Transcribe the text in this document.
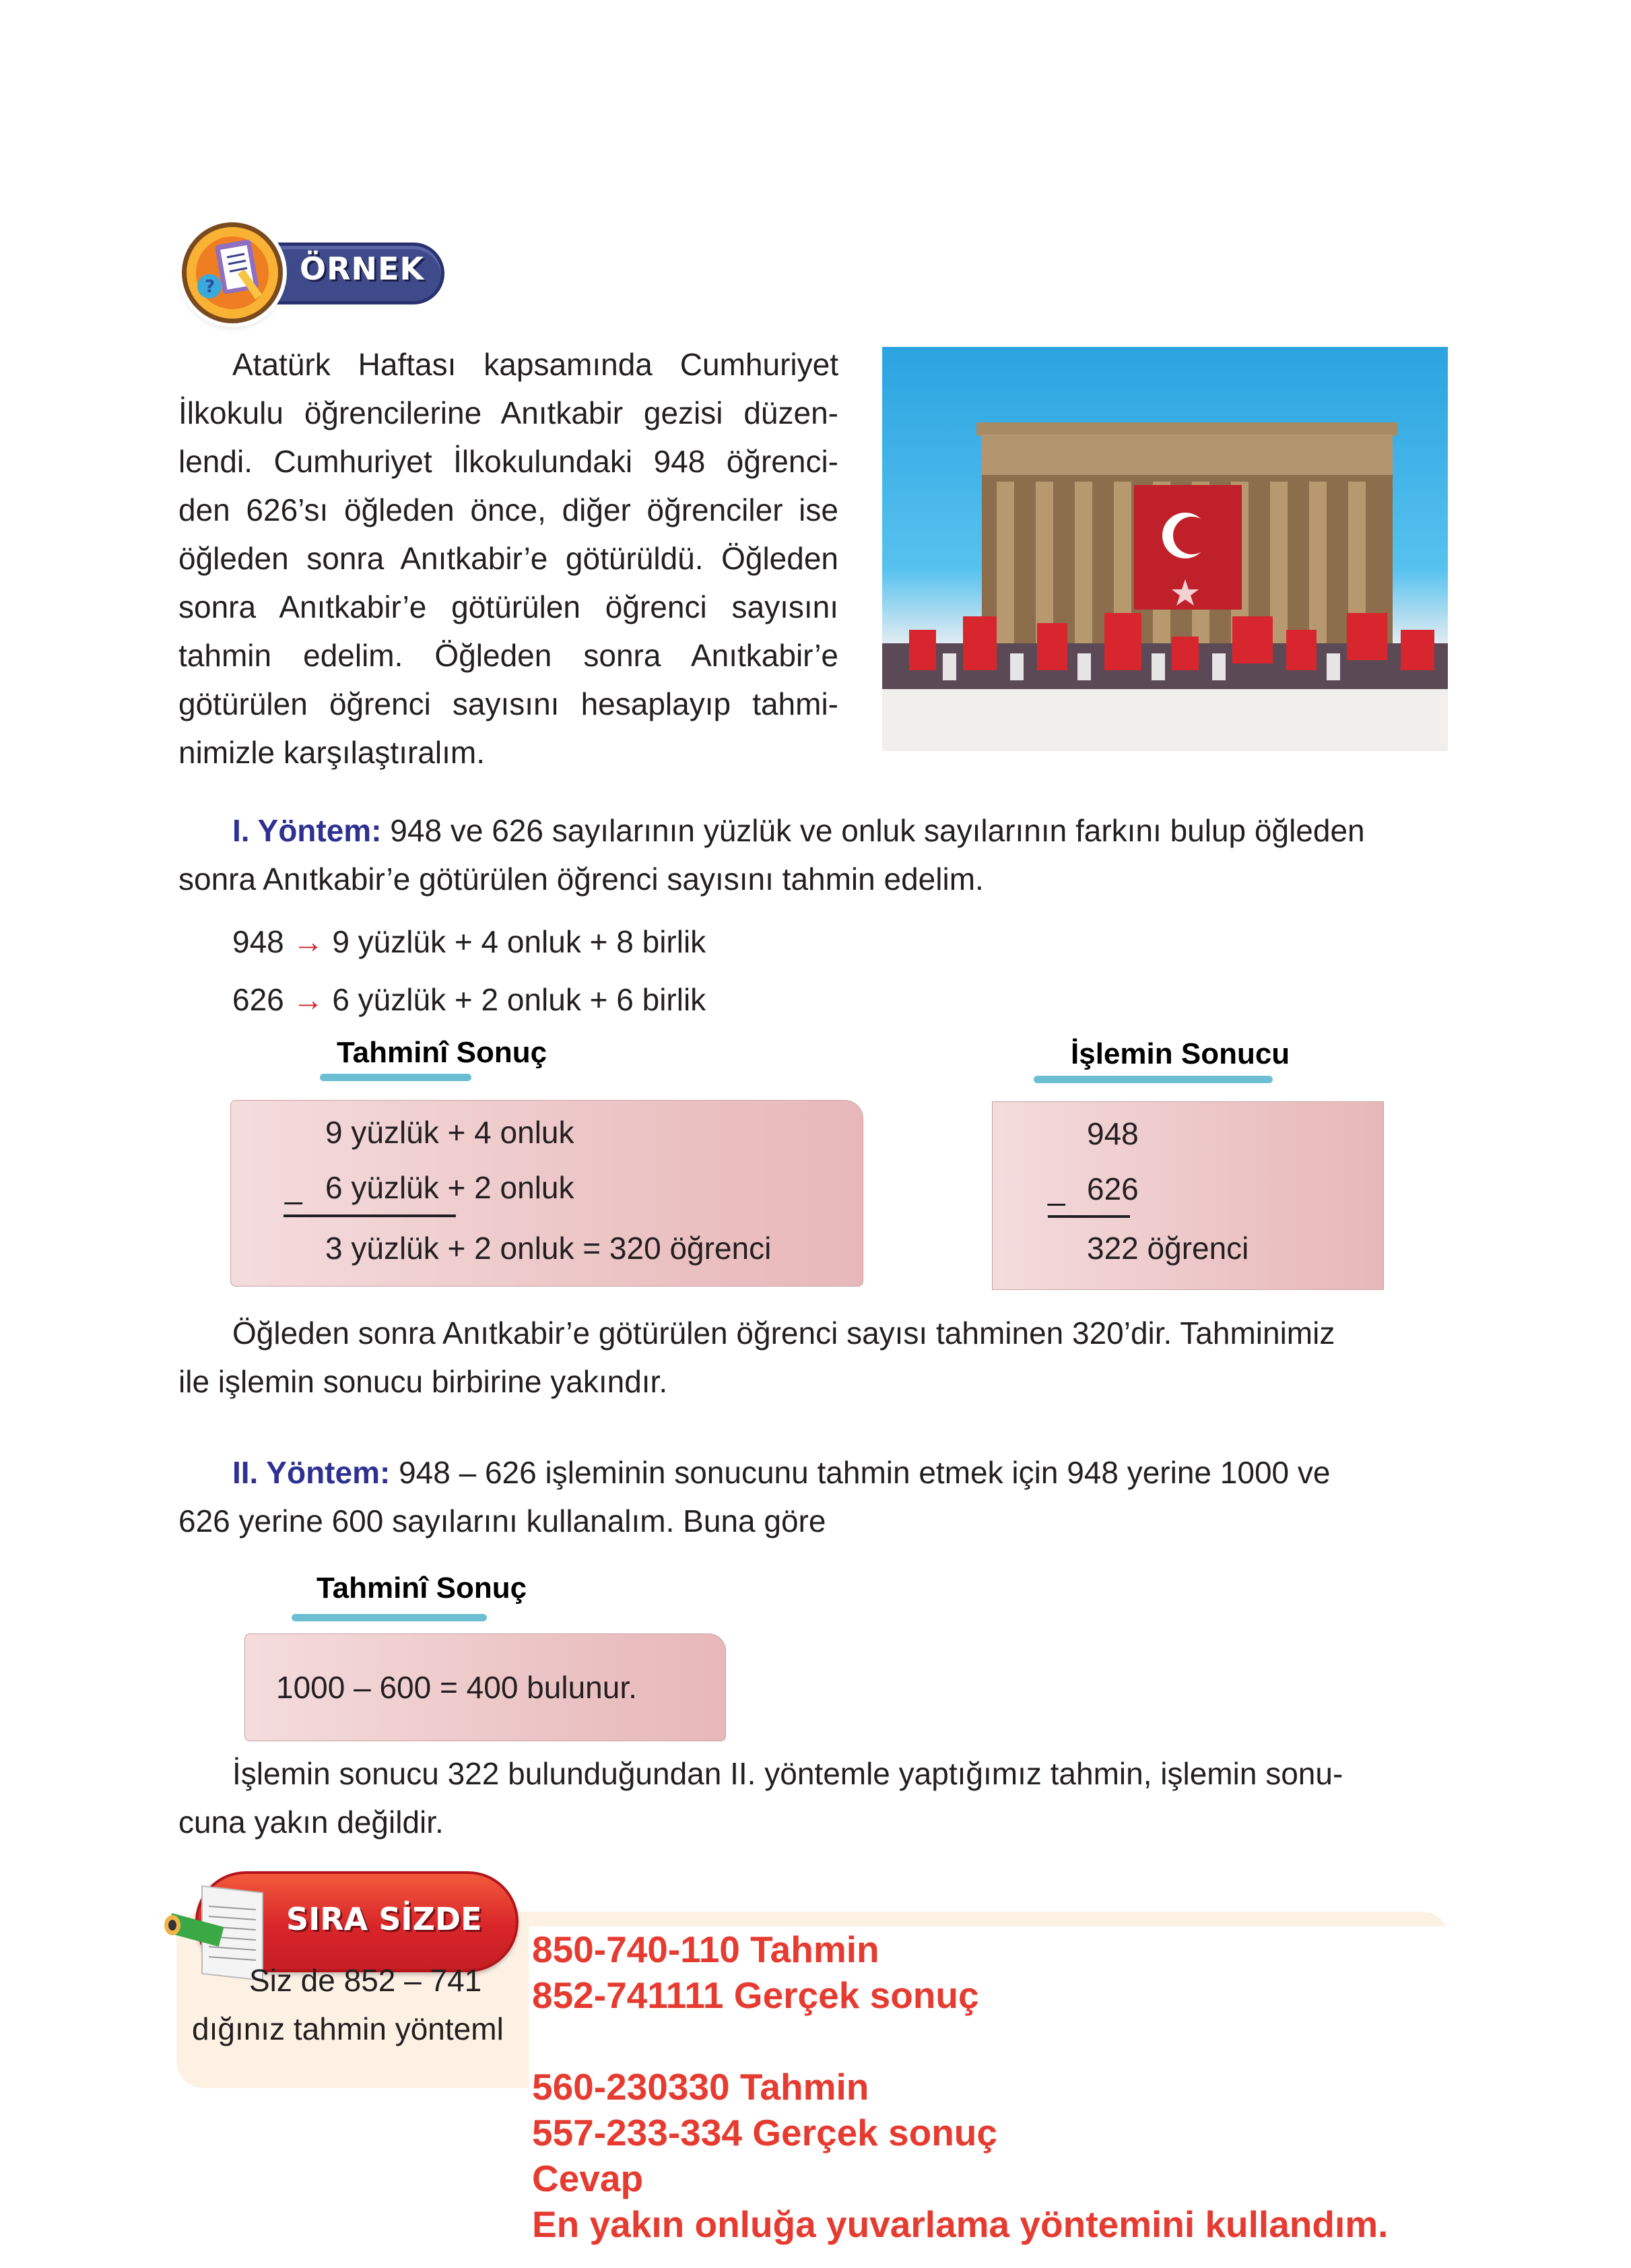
ÖRNEK
?

Atatürk Haftası kapsamında Cumhuriyet

İlkokulu öğrencilerine Anıtkabir gezisi düzen-

lendi. Cumhuriyet İlkokulundaki 948 öğrenci-

den 626’sı öğleden önce, diğer öğrenciler ise

öğleden sonra Anıtkabir’e götürüldü. Öğleden

sonra Anıtkabir’e götürülen öğrenci sayısını

tahmin edelim. Öğleden sonra Anıtkabir’e

götürülen öğrenci sayısını hesaplayıp tahmi-

nimizle karşılaştıralım.

I. Yöntem: 948 ve 626 sayılarının yüzlük ve onluk sayılarının farkını bulup öğleden

sonra Anıtkabir’e götürülen öğrenci sayısını tahmin edelim.

948 → 9 yüzlük + 4 onluk + 8 birlik
626 → 6 yüzlük + 2 onluk + 6 birlik
Tahminî Sonuç
9 yüzlük + 4 onluk
_ 6 yüzlük + 2 onluk
3 yüzlük + 2 onluk = 320 öğrenci
İşlemin Sonucu
948
_ 626
322 öğrenci

Öğleden sonra Anıtkabir’e götürülen öğrenci sayısı tahminen 320’dir. Tahminimiz

ile işlemin sonucu birbirine yakındır.

II. Yöntem: 948 – 626 işleminin sonucunu tahmin etmek için 948 yerine 1000 ve

626 yerine 600 sayılarını kullanalım. Buna göre

Tahminî Sonuç
1000 – 600 = 400 bulunur.

İşlemin sonucu 322 bulunduğundan II. yöntemle yaptığımız tahmin, işlemin sonu-

cuna yakın değildir.

SIRA SİZDE
Siz de 852 – 741
dığınız tahmin yönteml
850-740-110 Tahmin
852-741111 Gerçek sonuç
560-230330 Tahmin
557-233-334 Gerçek sonuç
Cevap
En yakın onluğa yuvarlama yöntemini kullandım.
